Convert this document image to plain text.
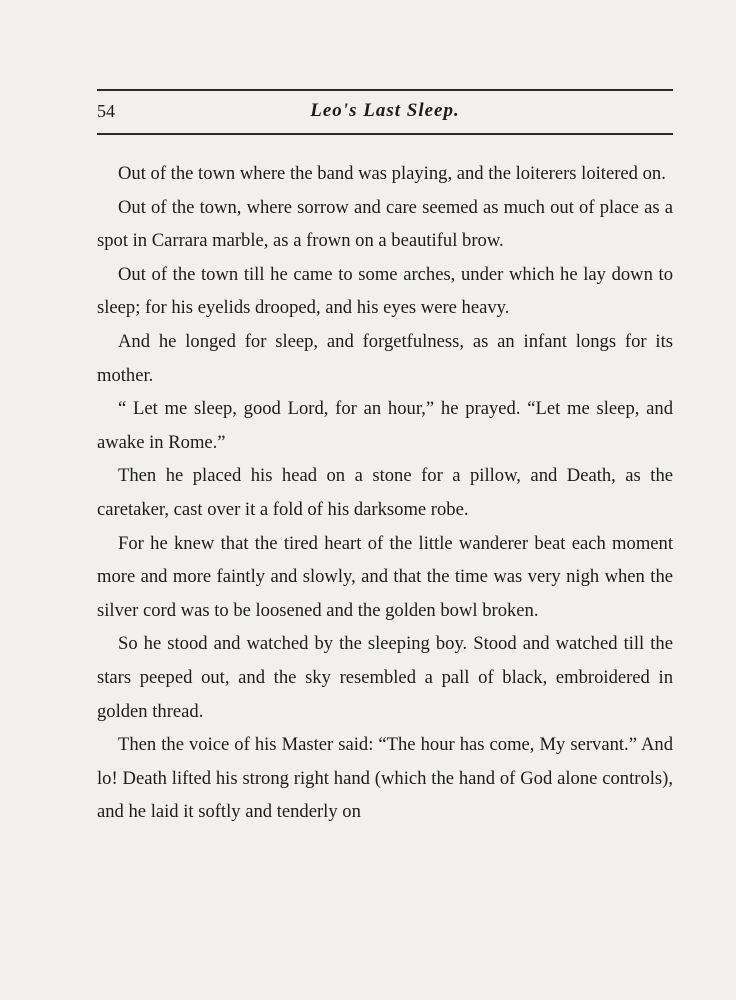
54	Leo's Last Sleep.

Out of the town where the band was playing, and the loiterers loitered on.

Out of the town, where sorrow and care seemed as much out of place as a spot in Carrara marble, as a frown on a beautiful brow.

Out of the town till he came to some arches, under which he lay down to sleep; for his eyelids drooped, and his eyes were heavy.

And he longed for sleep, and forgetfulness, as an infant longs for its mother.

“ Let me sleep, good Lord, for an hour,” he prayed. “Let me sleep, and awake in Rome.”

Then he placed his head on a stone for a pillow, and Death, as the caretaker, cast over it a fold of his darksome robe.

For he knew that the tired heart of the little wanderer beat each moment more and more faintly and slowly, and that the time was very nigh when the silver cord was to be loosened and the golden bowl broken.

So he stood and watched by the sleeping boy. Stood and watched till the stars peeped out, and the sky resembled a pall of black, embroidered in golden thread.

Then the voice of his Master said: “The hour has come, My servant.” And lo! Death lifted his strong right hand (which the hand of God alone controls), and he laid it softly and tenderly on
